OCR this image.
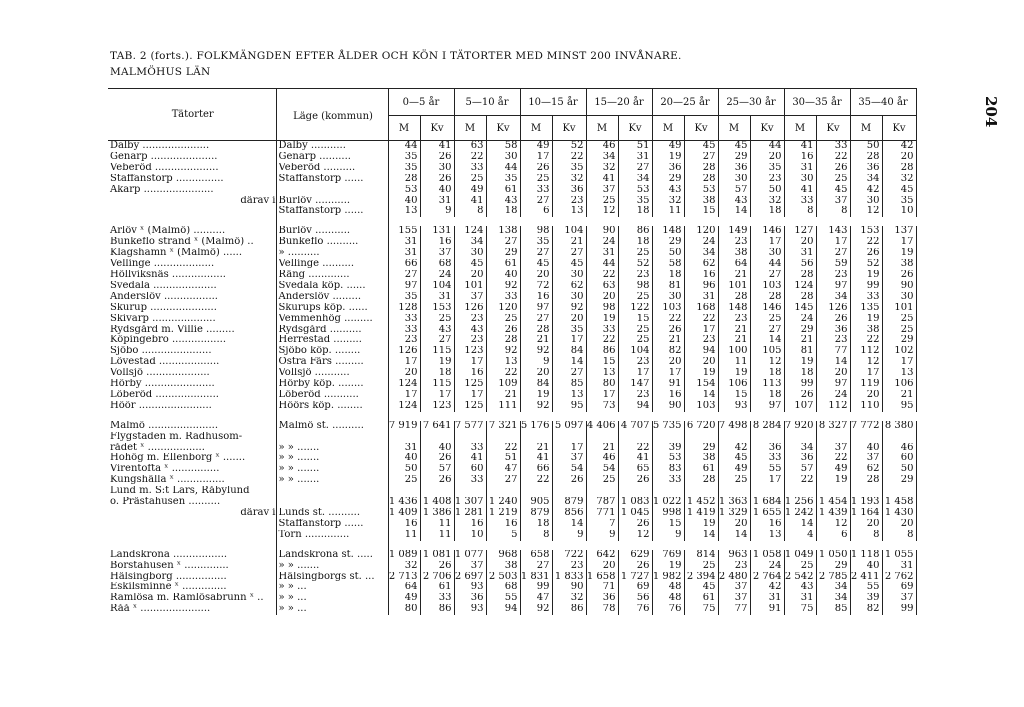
TAB. 2 (forts.). FOLKMÄNGDEN EFTER ÅLDER OCH KÖN I TÄTORTER MED MINST 200 INVÅNARE.
MALMÖHUS LÄN
204
Tätorter	Läge (kommun)	0—5 år		5—10 år		10—15 år		15—20 år		20—25 år		25—30 år		30—35 år		35—40 år	
		M	Kv	M	Kv	M	Kv	M	Kv	M	Kv	M	Kv	M	Kv	M	Kv
Dalby .....................	Dalby ...........	44	41	63	58	49	52	46	51	49	45	45	44	41	33	50	42
Genarp .....................	Genarp ..........	35	26	22	30	17	22	34	31	19	27	29	20	16	22	28	20
Veberöd ....................	Veberöd ..........	35	30	33	44	26	35	32	27	36	28	36	35	31	26	36	28
Staffanstorp ...............	Staffanstorp ......	28	26	25	35	25	32	41	34	29	28	30	23	30	25	34	32
Åkarp ......................		53	40	49	61	33	36	37	53	43	53	57	50	41	45	42	45
därav i	Burlöv ...........	40	31	41	43	27	23	25	35	32	38	43	32	33	37	30	35
	Staffanstorp ......	13	9	8	18	6	13	12	18	11	15	14	18	8	8	12	10

Arlöv ˣ (Malmö) ..........	Burlöv ...........	155	131	124	138	98	104	90	86	148	120	149	146	127	143	153	137
Bunkeflo strand ˣ (Malmö) ..	Bunkeflo ..........	31	16	34	27	35	21	24	18	29	24	23	17	20	17	22	17
Klagshamn ˣ (Malmö) ......	» ..........	31	37	30	29	27	27	31	25	50	34	38	30	31	27	26	19
Vellinge ...................	Vellinge ..........	66	68	45	61	45	45	44	52	58	62	64	44	56	59	52	38
Höllviksnäs .................	Räng .............	27	24	20	40	20	30	22	23	18	16	21	27	28	23	19	26
Svedala ....................	Svedala köp. ......	97	104	101	92	72	62	63	98	81	96	101	103	124	97	99	90
Anderslöv .................	Anderslöv .........	35	31	37	33	16	30	20	25	30	31	28	28	28	34	33	30
Skurup .....................	Skurups köp. ......	128	153	126	120	97	92	98	122	103	168	148	146	145	126	135	101
Skivarp ....................	Vemmenhög .........	33	25	23	25	27	20	19	15	22	22	23	25	24	26	19	25
Rydsgård m. Villie .........	Rydsgård ..........	33	43	43	26	28	35	33	25	26	17	21	27	29	36	38	25
Köpingebro .................	Herrestad .........	23	27	23	28	21	17	22	25	21	23	21	14	21	23	22	29
Sjöbo ......................	Sjöbo köp. ........	126	115	123	92	92	84	86	104	82	94	100	105	81	77	112	102
Lövestad ...................	Östra Färs .........	17	19	17	13	9	14	15	23	20	20	11	12	19	14	12	17
Vollsjö ....................	Vollsjö ...........	20	18	16	22	20	27	13	17	17	19	19	18	18	20	17	13
Hörby ......................	Hörby köp. ........	124	115	125	109	84	85	80	147	91	154	106	113	99	97	119	106
Löberöd ....................	Löberöd ...........	17	17	17	21	19	13	17	23	16	14	15	18	26	24	20	21
Höör .......................	Höörs köp. ........	124	123	125	111	92	95	73	94	90	103	93	97	107	112	110	95

Malmö ......................	Malmö st. ..........	7 919	7 641	7 577	7 321	5 176	5 097	4 406	4 707	5 735	6 720	7 498	8 284	7 920	8 327	7 772	8 380
Flygstaden m. Radhusom-																	
rådet ˣ ..................	» » .......	31	40	33	22	21	17	21	22	39	29	42	36	34	37	40	46
Hohög m. Ellenborg ˣ .......	» » .......	40	26	41	51	41	37	46	41	53	38	45	33	36	22	37	60
Virentofta ˣ ...............	» » .......	50	57	60	47	66	54	54	65	83	61	49	55	57	49	62	50
Kungshälla ˣ ...............	» » .......	25	26	33	27	22	26	25	26	33	28	25	17	22	19	28	29
Lund m. S:t Lars, Råbylund																	
o. Prästahusen ..........		1 436	1 408	1 307	1 240	905	879	787	1 083	1 022	1 452	1 363	1 684	1 256	1 454	1 193	1 458
därav i	Lunds st. ..........	1 409	1 386	1 281	1 219	879	856	771	1 045	998	1 419	1 329	1 655	1 242	1 439	1 164	1 430
	Staffanstorp ......	16	11	16	16	18	14	7	26	15	19	20	16	14	12	20	20
	Torn ..............	11	11	10	5	8	9	9	12	9	14	14	13	4	6	8	8

Landskrona .................	Landskrona st. .....	1 089	1 081	1 077	968	658	722	642	629	769	814	963	1 058	1 049	1 050	1 118	1 055
Borstahusen ˣ ..............	» » .......	32	26	37	38	27	23	20	26	19	25	23	24	25	29	40	31
Hälsingborg ................	Hälsingborgs st. ...	2 713	2 706	2 697	2 503	1 831	1 833	1 658	1 727	1 982	2 394	2 480	2 764	2 542	2 785	2 411	2 762
Eskilsminne ˣ ..............	» » ...	64	61	93	68	99	90	71	69	48	45	37	42	43	34	55	69
Ramlösa m. Ramlösabrunn ˣ ..	» » ...	49	33	36	55	47	32	36	56	48	61	37	31	31	34	39	37
Råå ˣ ......................	» » ...	80	86	93	94	92	86	78	76	76	75	77	91	75	85	82	99
